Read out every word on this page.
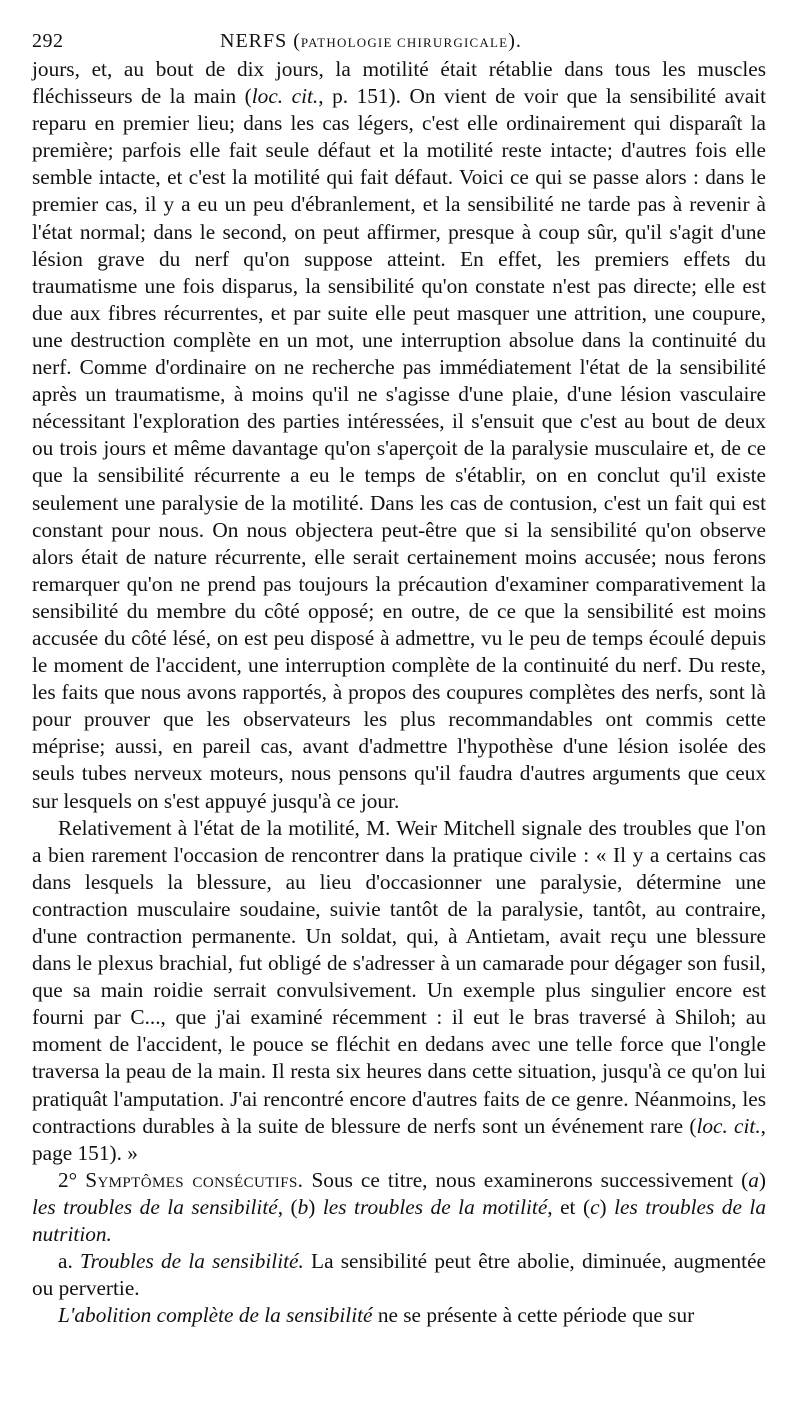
292	NERFS (PATHOLOGIE CHIRURGICALE).

jours, et, au bout de dix jours, la motilité était rétablie dans tous les muscles fléchisseurs de la main (loc. cit., p. 151). On vient de voir que la sensibilité avait reparu en premier lieu; dans les cas légers, c'est elle ordinairement qui disparaît la première; parfois elle fait seule défaut et la motilité reste intacte; d'autres fois elle semble intacte, et c'est la motilité qui fait défaut. Voici ce qui se passe alors : dans le premier cas, il y a eu un peu d'ébranlement, et la sensibilité ne tarde pas à revenir à l'état normal; dans le second, on peut affirmer, presque à coup sûr, qu'il s'agit d'une lésion grave du nerf qu'on suppose atteint. En effet, les premiers effets du traumatisme une fois disparus, la sensibilité qu'on constate n'est pas directe; elle est due aux fibres récurrentes, et par suite elle peut masquer une attrition, une coupure, une destruction complète en un mot, une interruption absolue dans la continuité du nerf. Comme d'ordinaire on ne recherche pas immédiatement l'état de la sensibilité après un traumatisme, à moins qu'il ne s'agisse d'une plaie, d'une lésion vasculaire nécessitant l'exploration des parties intéressées, il s'ensuit que c'est au bout de deux ou trois jours et même davantage qu'on s'aperçoit de la paralysie musculaire et, de ce que la sensibilité récurrente a eu le temps de s'établir, on en conclut qu'il existe seulement une paralysie de la motilité. Dans les cas de contusion, c'est un fait qui est constant pour nous. On nous objectera peut-être que si la sensibilité qu'on observe alors était de nature récurrente, elle serait certainement moins accusée; nous ferons remarquer qu'on ne prend pas toujours la précaution d'examiner comparativement la sensibilité du membre du côté opposé; en outre, de ce que la sensibilité est moins accusée du côté lésé, on est peu disposé à admettre, vu le peu de temps écoulé depuis le moment de l'accident, une interruption complète de la continuité du nerf. Du reste, les faits que nous avons rapportés, à propos des coupures complètes des nerfs, sont là pour prouver que les observateurs les plus recommandables ont commis cette méprise; aussi, en pareil cas, avant d'admettre l'hypothèse d'une lésion isolée des seuls tubes nerveux moteurs, nous pensons qu'il faudra d'autres arguments que ceux sur lesquels on s'est appuyé jusqu'à ce jour.

Relativement à l'état de la motilité, M. Weir Mitchell signale des troubles que l'on a bien rarement l'occasion de rencontrer dans la pratique civile : « Il y a certains cas dans lesquels la blessure, au lieu d'occasionner une paralysie, détermine une contraction musculaire soudaine, suivie tantôt de la paralysie, tantôt, au contraire, d'une contraction permanente. Un soldat, qui, à Antietam, avait reçu une blessure dans le plexus brachial, fut obligé de s'adresser à un camarade pour dégager son fusil, que sa main roidie serrait convulsivement. Un exemple plus singulier encore est fourni par C..., que j'ai examiné récemment : il eut le bras traversé à Shiloh; au moment de l'accident, le pouce se fléchit en dedans avec une telle force que l'ongle traversa la peau de la main. Il resta six heures dans cette situation, jusqu'à ce qu'on lui pratiquât l'amputation. J'ai rencontré encore d'autres faits de ce genre. Néanmoins, les contractions durables à la suite de blessure de nerfs sont un événement rare (loc. cit., page 151). »

2° Symptômes consécutifs. Sous ce titre, nous examinerons successivement (a) les troubles de la sensibilité, (b) les troubles de la motilité, et (c) les troubles de la nutrition.

a. Troubles de la sensibilité. La sensibilité peut être abolie, diminuée, augmentée ou pervertie.

L'abolition complète de la sensibilité ne se présente à cette période que sur
